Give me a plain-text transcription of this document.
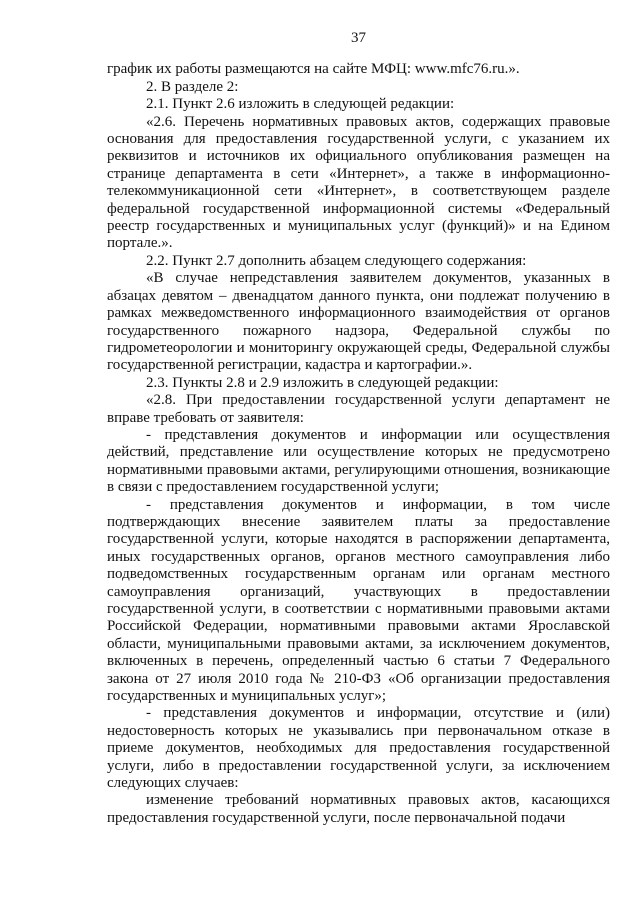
37
график их работы размещаются на сайте МФЦ: www.mfc76.ru.».
2. В разделе 2:
2.1. Пункт 2.6 изложить в следующей редакции:
«2.6. Перечень нормативных правовых актов, содержащих правовые основания для предоставления государственной услуги, с указанием их реквизитов и источников их официального опубликования размещен на странице департамента в сети «Интернет», а также в информационно-телекоммуникационной сети «Интернет», в соответствующем разделе федеральной государственной информационной системы «Федеральный реестр государственных и муниципальных услуг (функций)» и на Едином портале.».
2.2. Пункт 2.7 дополнить абзацем следующего содержания:
«В случае непредставления заявителем документов, указанных в абзацах девятом – двенадцатом данного пункта, они подлежат получению в рамках межведомственного информационного взаимодействия от органов государственного пожарного надзора, Федеральной службы по гидрометеорологии и мониторингу окружающей среды, Федеральной службы государственной регистрации, кадастра и картографии.».
2.3. Пункты 2.8 и 2.9 изложить в следующей редакции:
«2.8. При предоставлении государственной услуги департамент не вправе требовать от заявителя:
- представления документов и информации или осуществления действий, представление или осуществление которых не предусмотрено нормативными правовыми актами, регулирующими отношения, возникающие в связи с предоставлением государственной услуги;
- представления документов и информации, в том числе подтверждающих внесение заявителем платы за предоставление государственной услуги, которые находятся в распоряжении департамента, иных государственных органов, органов местного самоуправления либо подведомственных государственным органам или органам местного самоуправления организаций, участвующих в предоставлении государственной услуги, в соответствии с нормативными правовыми актами Российской Федерации, нормативными правовыми актами Ярославской области, муниципальными правовыми актами, за исключением документов, включенных в перечень, определенный частью 6 статьи 7 Федерального закона от 27 июля 2010 года № 210-ФЗ «Об организации предоставления государственных и муниципальных услуг»;
- представления документов и информации, отсутствие и (или) недостоверность которых не указывались при первоначальном отказе в приеме документов, необходимых для предоставления государственной услуги, либо в предоставлении государственной услуги, за исключением следующих случаев:
изменение требований нормативных правовых актов, касающихся предоставления государственной услуги, после первоначальной подачи
